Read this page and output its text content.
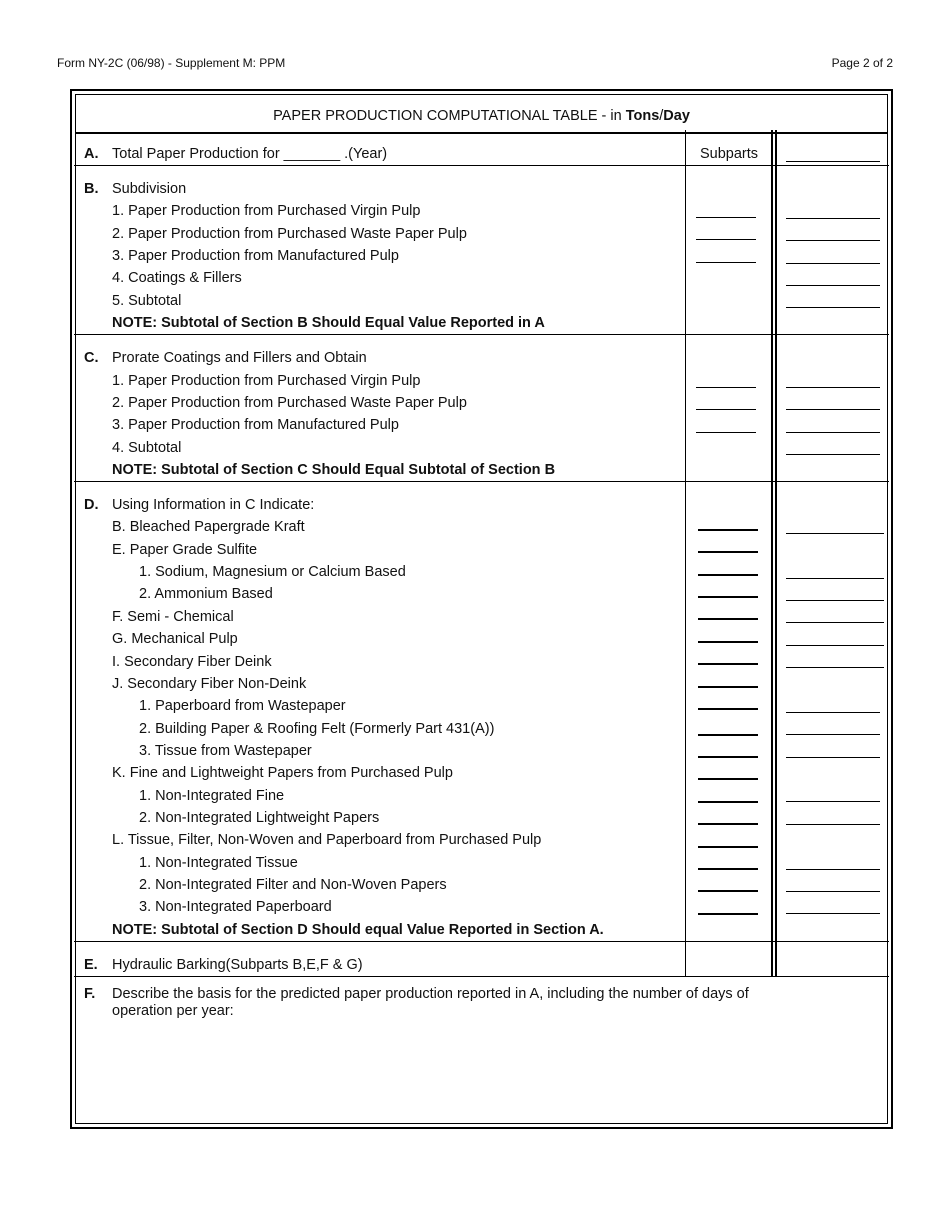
Form NY-2C (06/98) - Supplement M: PPM	Page 2 of 2
PAPER PRODUCTION COMPUTATIONAL TABLE - in Tons/Day
A. Total Paper Production for _______ .(Year)	Subparts
B. Subdivision
1. Paper Production from Purchased Virgin Pulp
2. Paper Production from Purchased Waste Paper Pulp
3. Paper Production from Manufactured Pulp
4. Coatings & Fillers
5. Subtotal
NOTE: Subtotal of Section B Should Equal Value Reported in A
C. Prorate Coatings and Fillers and Obtain
1. Paper Production from Purchased Virgin Pulp
2. Paper Production from Purchased Waste Paper Pulp
3. Paper Production from Manufactured Pulp
4. Subtotal
NOTE: Subtotal of Section C Should Equal Subtotal of Section B
D. Using Information in C Indicate:
B. Bleached Papergrade Kraft
E. Paper Grade Sulfite
1. Sodium, Magnesium or Calcium Based
2. Ammonium Based
F. Semi - Chemical
G. Mechanical Pulp
I. Secondary Fiber Deink
J. Secondary Fiber Non-Deink
1. Paperboard from Wastepaper
2. Building Paper & Roofing Felt (Formerly Part 431(A))
3. Tissue from Wastepaper
K. Fine and Lightweight Papers from Purchased Pulp
1. Non-Integrated Fine
2. Non-Integrated Lightweight Papers
L. Tissue, Filter, Non-Woven and Paperboard from Purchased Pulp
1. Non-Integrated Tissue
2. Non-Integrated Filter and Non-Woven Papers
3. Non-Integrated Paperboard
NOTE: Subtotal of Section D Should equal Value Reported in Section A.
E. Hydraulic Barking(Subparts B,E,F & G)
F. Describe the basis for the predicted paper production reported in A, including the number of days of operation per year:
